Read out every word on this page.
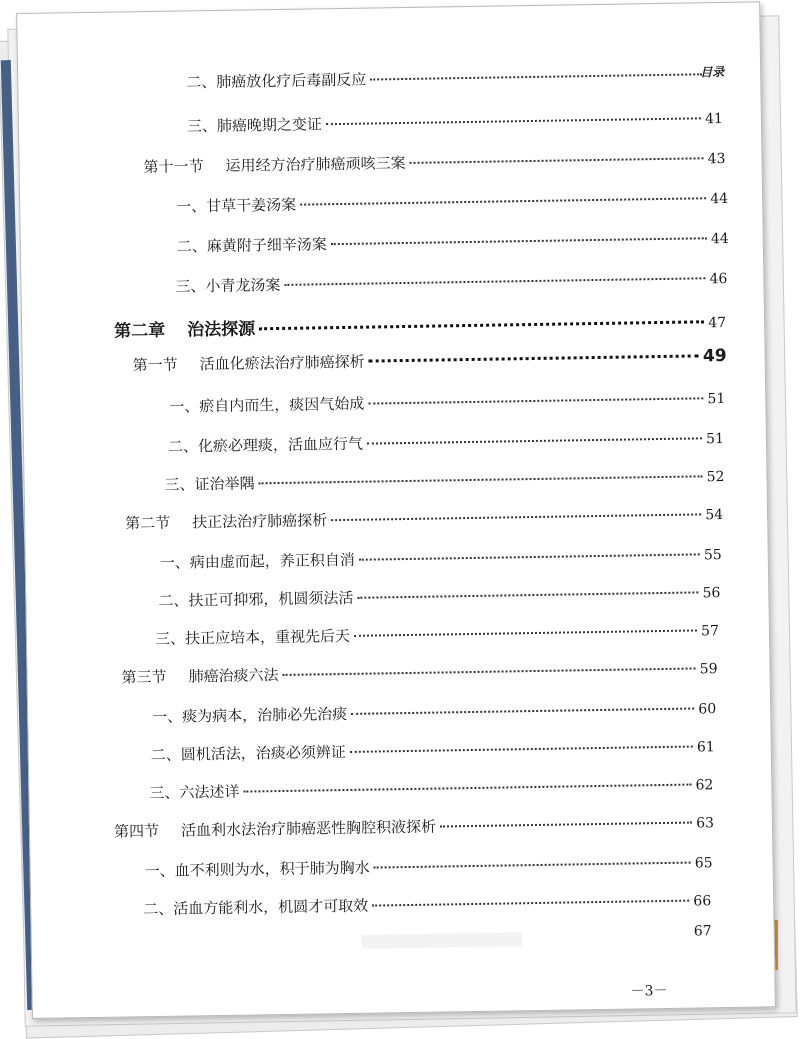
目录
二、肺癌放化疗后毒副反应
三、肺癌晚期之变证	41
第十一节 运用经方治疗肺癌顽咳三案	43
一、甘草干姜汤案	44
二、麻黄附子细辛汤案	44
三、小青龙汤案	46
第二章 治法探源	47
第一节 活血化瘀法治疗肺癌探析	49
一、瘀自内而生，痰因气始成	51
二、化瘀必理痰，活血应行气	51
三、证治举隅	52
第二节 扶正法治疗肺癌探析	54
一、病由虚而起，养正积自消	55
二、扶正可抑邪，机圆须法活	56
三、扶正应培本，重视先后天	57
第三节 肺癌治痰六法	59
一、痰为病本，治肺必先治痰	60
二、圆机活法，治痰必须辨证	61
三、六法述详	62
第四节 活血利水法治疗肺癌恶性胸腔积液探析	63
一、血不利则为水，积于肺为胸水	65
二、活血方能利水，机圆才可取效	66
67
－3－
